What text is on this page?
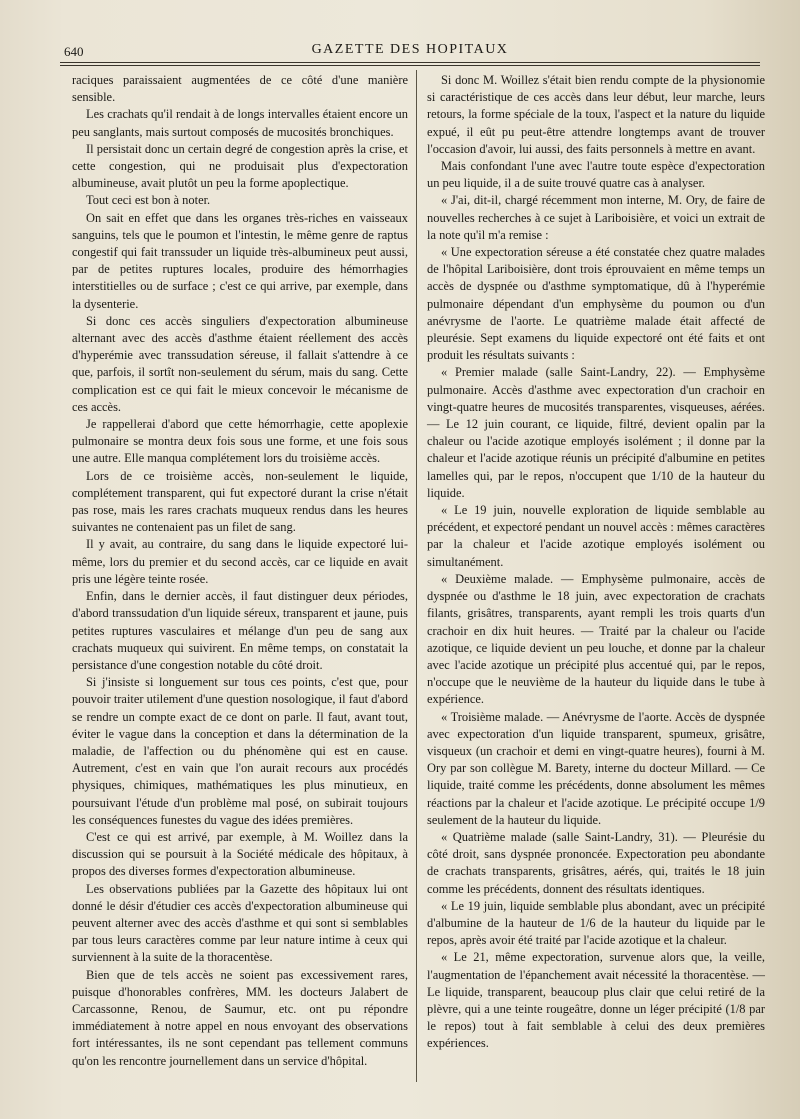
640	GAZETTE DES HOPITAUX

raciques paraissaient augmentées de ce côté d'une manière sensible.

Les crachats qu'il rendait à de longs intervalles étaient encore un peu sanglants, mais surtout composés de mucosités bronchiques.

Il persistait donc un certain degré de congestion après la crise, et cette congestion, qui ne produisait plus d'expectoration albumineuse, avait plutôt un peu la forme apoplectique.

Tout ceci est bon à noter.

On sait en effet que dans les organes très-riches en vaisseaux sanguins, tels que le poumon et l'intestin, le même genre de raptus congestif qui fait transsuder un liquide très-albumineux peut aussi, par de petites ruptures locales, produire des hémorrhagies interstitielles ou de surface ; c'est ce qui arrive, par exemple, dans la dysenterie.

Si donc ces accès singuliers d'expectoration albumineuse alternant avec des accès d'asthme étaient réellement des accès d'hyperémie avec transsudation séreuse, il fallait s'attendre à ce que, parfois, il sortît non-seulement du sérum, mais du sang. Cette complication est ce qui fait le mieux concevoir le mécanisme de ces accès.

Je rappellerai d'abord que cette hémorrhagie, cette apoplexie pulmonaire se montra deux fois sous une forme, et une fois sous une autre. Elle manqua complétement lors du troisième accès.

Lors de ce troisième accès, non-seulement le liquide, complétement transparent, qui fut expectoré durant la crise n'était pas rose, mais les rares crachats muqueux rendus dans les heures suivantes ne contenaient pas un filet de sang.

Il y avait, au contraire, du sang dans le liquide expectoré lui-même, lors du premier et du second accès, car ce liquide en avait pris une légère teinte rosée.

Enfin, dans le dernier accès, il faut distinguer deux périodes, d'abord transsudation d'un liquide séreux, transparent et jaune, puis petites ruptures vasculaires et mélange d'un peu de sang aux crachats muqueux qui suivirent. En même temps, on constatait la persistance d'une congestion notable du côté droit.

Si j'insiste si longuement sur tous ces points, c'est que, pour pouvoir traiter utilement d'une question nosologique, il faut d'abord se rendre un compte exact de ce dont on parle. Il faut, avant tout, éviter le vague dans la conception et dans la détermination de la maladie, de l'affection ou du phénomène qui est en cause. Autrement, c'est en vain que l'on aurait recours aux procédés physiques, chimiques, mathématiques les plus minutieux, en poursuivant l'étude d'un problème mal posé, on subirait toujours les conséquences funestes du vague des idées premières.

C'est ce qui est arrivé, par exemple, à M. Woillez dans la discussion qui se poursuit à la Société médicale des hôpitaux, à propos des diverses formes d'expectoration albumineuse.

Les observations publiées par la Gazette des hôpitaux lui ont donné le désir d'étudier ces accès d'expectoration albumineuse qui peuvent alterner avec des accès d'asthme et qui sont si semblables par tous leurs caractères comme par leur nature intime à ceux qui surviennent à la suite de la thoracentèse.

Bien que de tels accès ne soient pas excessivement rares, puisque d'honorables confrères, MM. les docteurs Jalabert de Carcassonne, Renou, de Saumur, etc. ont pu répondre immédiatement à notre appel en nous envoyant des observations fort intéressantes, ils ne sont cependant pas tellement communs qu'on les rencontre journellement dans un service d'hôpital.

Si donc M. Woillez s'était bien rendu compte de la physionomie si caractéristique de ces accès dans leur début, leur marche, leurs retours, la forme spéciale de la toux, l'aspect et la nature du liquide expué, il eût pu peut-être attendre longtemps avant de trouver l'occasion d'avoir, lui aussi, des faits personnels à mettre en avant.

Mais confondant l'une avec l'autre toute espèce d'expectoration un peu liquide, il a de suite trouvé quatre cas à analyser.

« J'ai, dit-il, chargé récemment mon interne, M. Ory, de faire de nouvelles recherches à ce sujet à Lariboisière, et voici un extrait de la note qu'il m'a remise :

« Une expectoration séreuse a été constatée chez quatre malades de l'hôpital Lariboisière, dont trois éprouvaient en même temps un accès de dyspnée ou d'asthme symptomatique, dû à l'hyperémie pulmonaire dépendant d'un emphysème du poumon ou d'un anévrysme de l'aorte. Le quatrième malade était affecté de pleurésie. Sept examens du liquide expectoré ont été faits et ont produit les résultats suivants :

« Premier malade (salle Saint-Landry, 22). — Emphysème pulmonaire. Accès d'asthme avec expectoration d'un crachoir en vingt-quatre heures de mucosités transparentes, visqueuses, aérées. — Le 12 juin courant, ce liquide, filtré, devient opalin par la chaleur ou l'acide azotique employés isolément ; il donne par la chaleur et l'acide azotique réunis un précipité d'albumine en petites lamelles qui, par le repos, n'occupent que 1/10 de la hauteur du liquide.

« Le 19 juin, nouvelle exploration de liquide semblable au précédent, et expectoré pendant un nouvel accès : mêmes caractères par la chaleur et l'acide azotique employés isolément ou simultanément.

« Deuxième malade. — Emphysème pulmonaire, accès de dyspnée ou d'asthme le 18 juin, avec expectoration de crachats filants, grisâtres, transparents, ayant rempli les trois quarts d'un crachoir en dix huit heures. — Traité par la chaleur ou l'acide azotique, ce liquide devient un peu louche, et donne par la chaleur avec l'acide azotique un précipité plus accentué qui, par le repos, n'occupe que le neuvième de la hauteur du liquide dans le tube à expérience.

« Troisième malade. — Anévrysme de l'aorte. Accès de dyspnée avec expectoration d'un liquide transparent, spumeux, grisâtre, visqueux (un crachoir et demi en vingt-quatre heures), fourni à M. Ory par son collègue M. Barety, interne du docteur Millard. — Ce liquide, traité comme les précédents, donne absolument les mêmes réactions par la chaleur et l'acide azotique. Le précipité occupe 1/9 seulement de la hauteur du liquide.

« Quatrième malade (salle Saint-Landry, 31). — Pleurésie du côté droit, sans dyspnée prononcée. Expectoration peu abondante de crachats transparents, grisâtres, aérés, qui, traités le 18 juin comme les précédents, donnent des résultats identiques.

« Le 19 juin, liquide semblable plus abondant, avec un précipité d'albumine de la hauteur de 1/6 de la hauteur du liquide par le repos, après avoir été traité par l'acide azotique et la chaleur.

« Le 21, même expectoration, survenue alors que, la veille, l'augmentation de l'épanchement avait nécessité la thoracentèse. — Le liquide, transparent, beaucoup plus clair que celui retiré de la plèvre, qui a une teinte rougeâtre, donne un léger précipité (1/8 par le repos) tout à fait semblable à celui des deux premières expériences.
